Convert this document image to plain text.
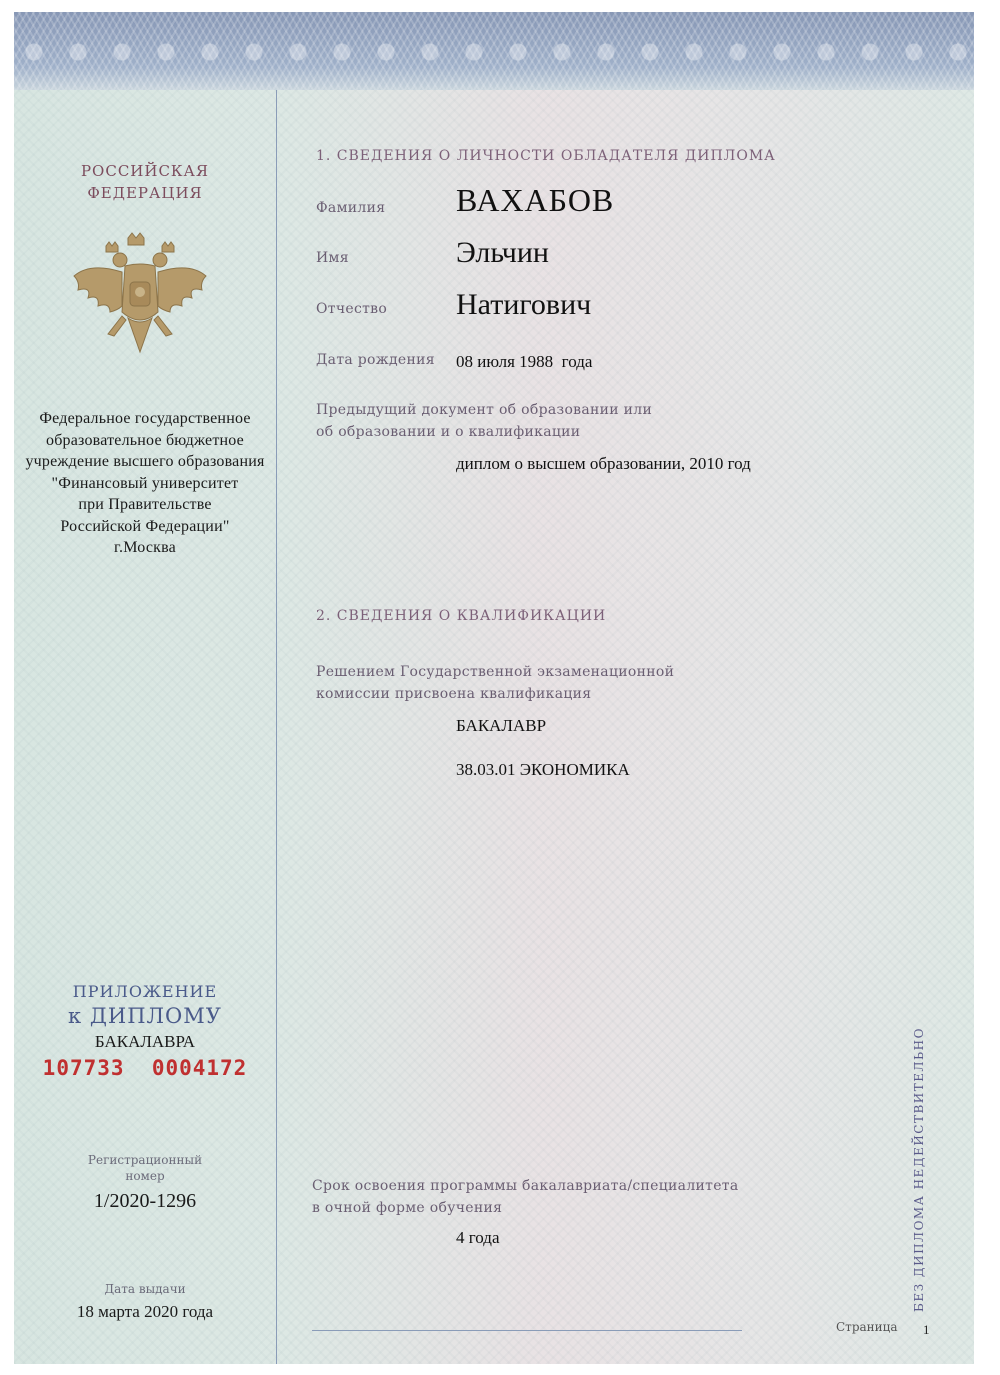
РОССИЙСКАЯ
ФЕДЕРАЦИЯ
Федеральное государственное
образовательное бюджетное
учреждение высшего образования
"Финансовый университет
при Правительстве
Российской Федерации"
г.Москва
ПРИЛОЖЕНИЕ
к ДИПЛОМУ
БАКАЛАВРА
107733  0004172
Регистрационный
номер
1/2020-1296
Дата выдачи
18 марта 2020 года
1. СВЕДЕНИЯ О ЛИЧНОСТИ ОБЛАДАТЕЛЯ ДИПЛОМА
Фамилия ВАХАБОВ
Имя	Эльчин
Отчество Натигович
Дата рождения 08 июля 1988  года
Предыдущий документ об образовании или
об образовании и о квалификации
диплом о высшем образовании, 2010 год
2. СВЕДЕНИЯ О КВАЛИФИКАЦИИ
Решением Государственной экзаменационной
комиссии присвоена квалификация
БАКАЛАВР
38.03.01 ЭКОНОМИКА
Срок освоения программы бакалавриата/специалитета
в очной форме обучения
4 года	БЕЗ ДИПЛОМА НЕДЕЙСТВИТЕЛЬНО
Страница 1
